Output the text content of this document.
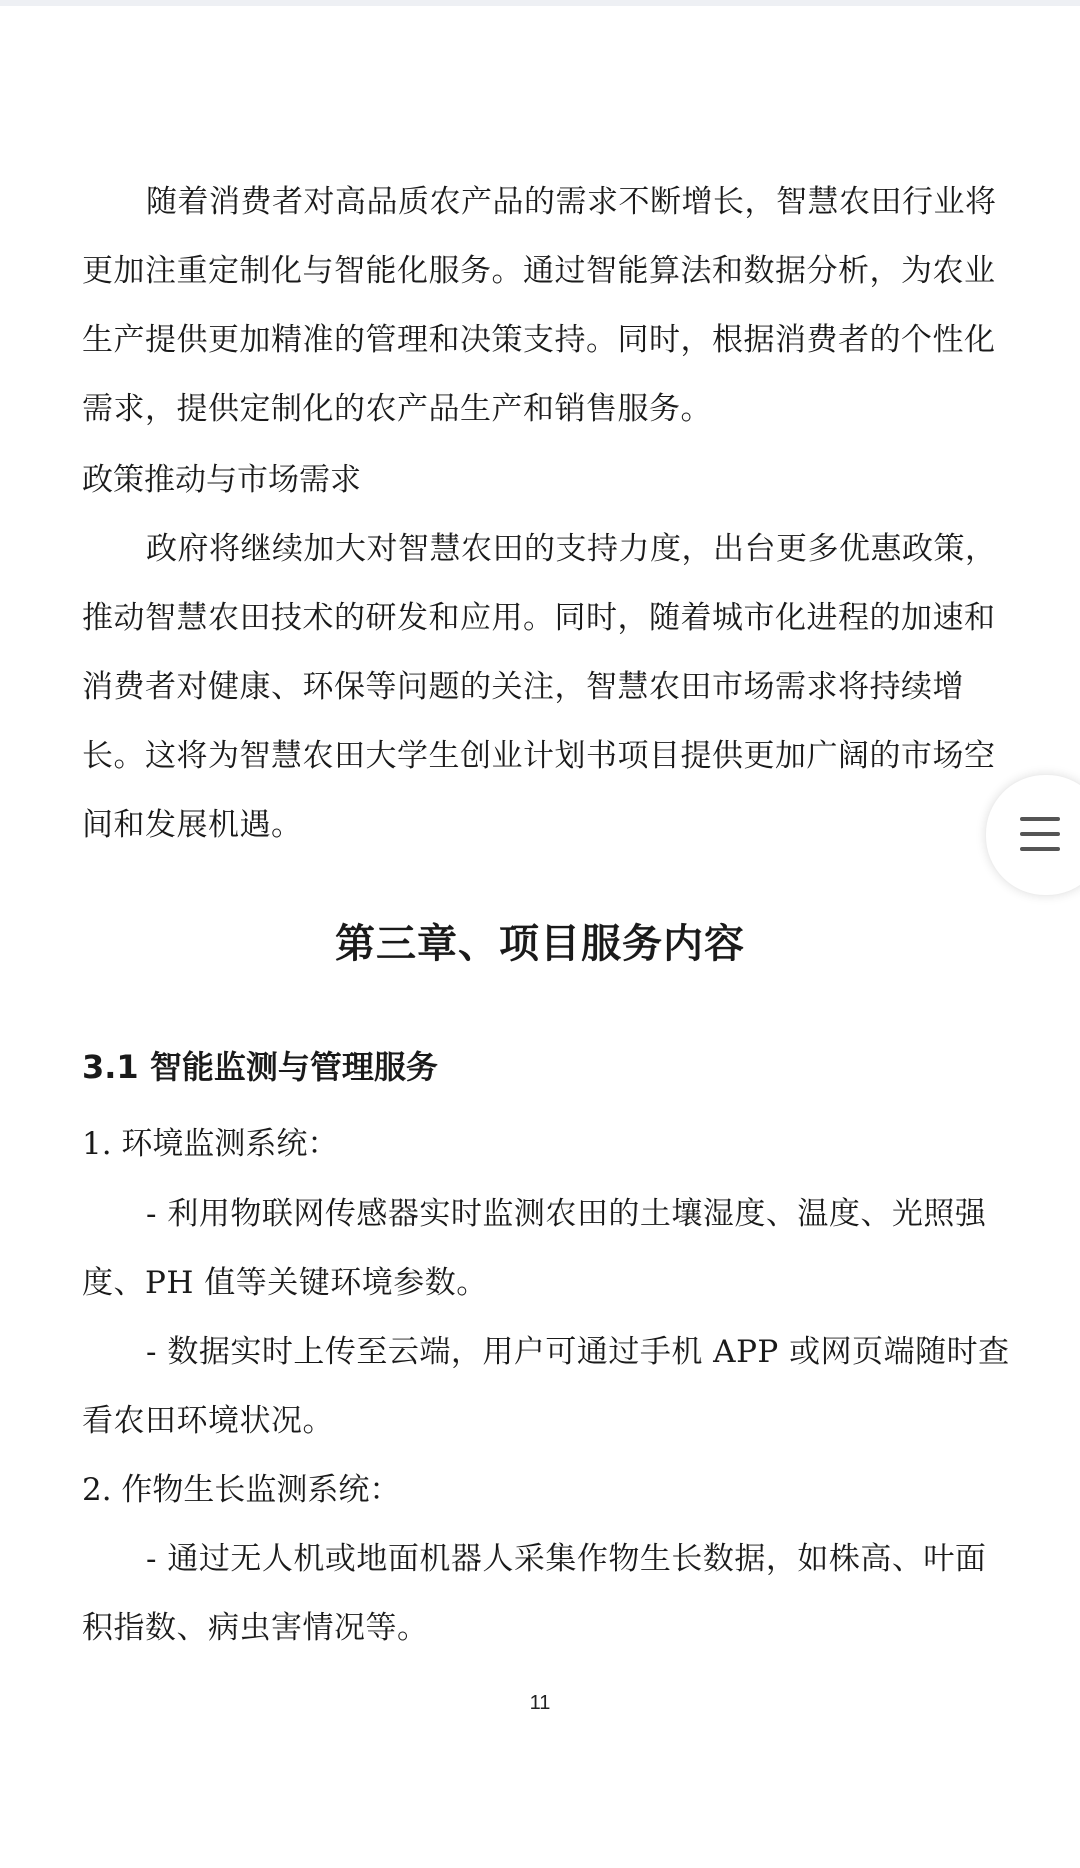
随着消费者对高品质农产品的需求不断增长，智慧农田行业将更加注重定制化与智能化服务。通过智能算法和数据分析，为农业生产提供更加精准的管理和决策支持。同时，根据消费者的个性化需求，提供定制化的农产品生产和销售服务。

政策推动与市场需求

政府将继续加大对智慧农田的支持力度，出台更多优惠政策，推动智慧农田技术的研发和应用。同时，随着城市化进程的加速和消费者对健康、环保等问题的关注，智慧农田市场需求将持续增长。这将为智慧农田大学生创业计划书项目提供更加广阔的市场空间和发展机遇。

第三章、项目服务内容
3.1 智能监测与管理服务

1. 环境监测系统：

- 利用物联网传感器实时监测农田的土壤湿度、温度、光照强度、PH 值等关键环境参数。

- 数据实时上传至云端，用户可通过手机 APP 或网页端随时查看农田环境状况。

2. 作物生长监测系统：

- 通过无人机或地面机器人采集作物生长数据，如株高、叶面积指数、病虫害情况等。

11
